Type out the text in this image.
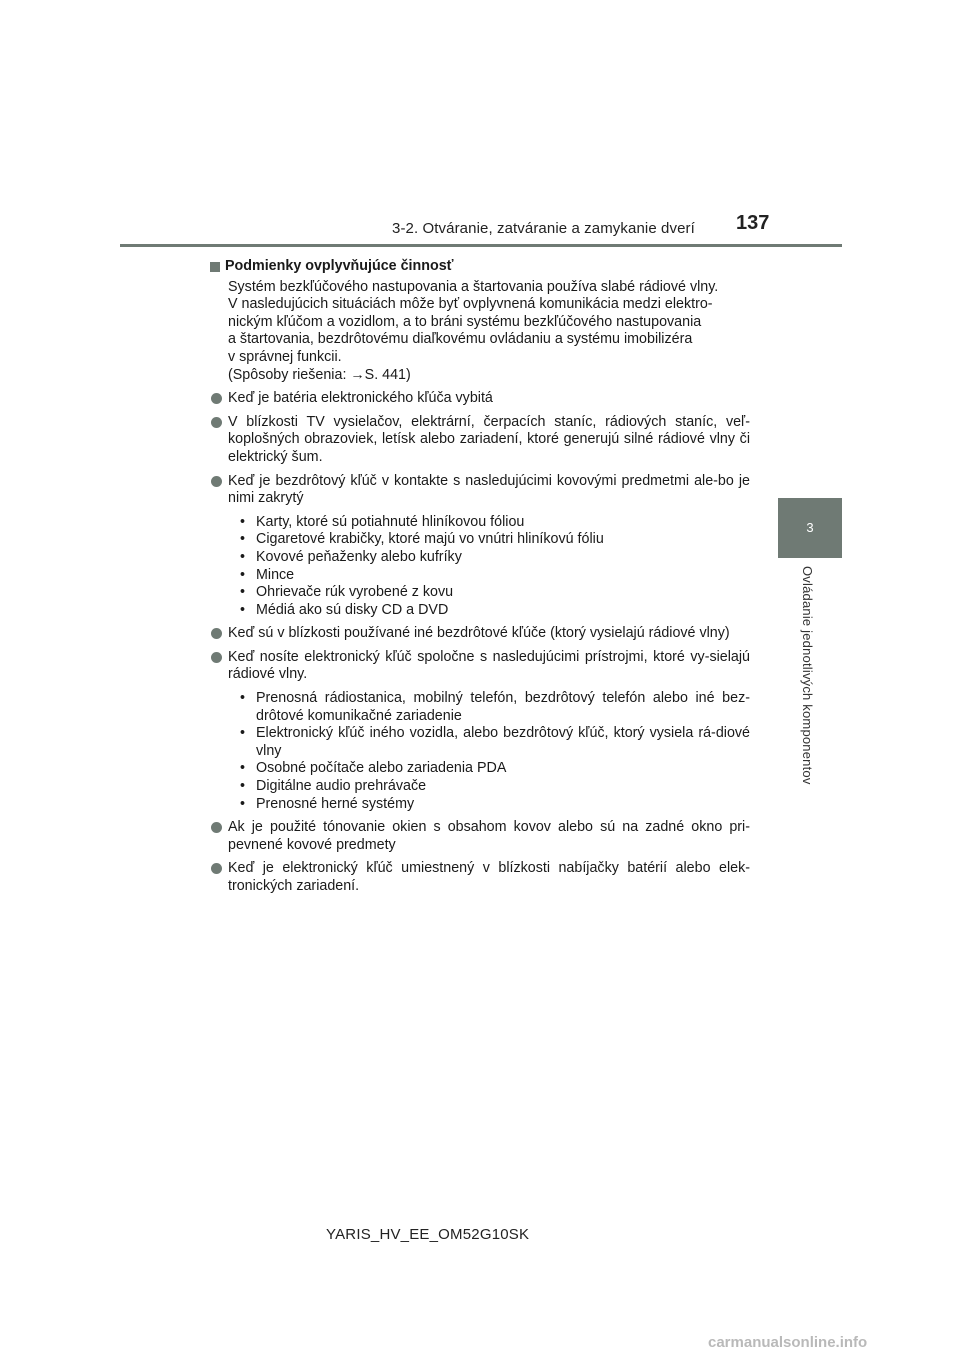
3-2. Otváranie, zatváranie a zamykanie dverí 137
3
Ovládanie jednotlivých komponentov
Podmienky ovplyvňujúce činnosť
Systém bezkľúčového nastupovania a štartovania používa slabé rádiové vlny.
V nasledujúcich situáciách môže byť ovplyvnená komunikácia medzi elektro-
nickým kľúčom a vozidlom, a to bráni systému bezkľúčového nastupovania
a štartovania, bezdrôtovému diaľkovému ovládaniu a systému imobilizéra
v správnej funkcii.
(Spôsoby riešenia: →S. 441)
Keď je batéria elektronického kľúča vybitá
V blízkosti TV vysielačov, elektrární, čerpacích staníc, rádiových staníc, veľ-koplošných obrazoviek, letísk alebo zariadení, ktoré generujú silné rádiové vlny či elektrický šum.
Keď je bezdrôtový kľúč v kontakte s nasledujúcimi kovovými predmetmi ale-bo je nimi zakrytý
• Karty, ktoré sú potiahnuté hliníkovou fóliou
• Cigaretové krabičky, ktoré majú vo vnútri hliníkovú fóliu
• Kovové peňaženky alebo kufríky
• Mince
• Ohrievače rúk vyrobené z kovu
• Médiá ako sú disky CD a DVD
Keď sú v blízkosti používané iné bezdrôtové kľúče (ktorý vysielajú rádiové vlny)
Keď nosíte elektronický kľúč spoločne s nasledujúcimi prístrojmi, ktoré vy-sielajú rádiové vlny.
• Prenosná rádiostanica, mobilný telefón, bezdrôtový telefón alebo iné bez-drôtové komunikačné zariadenie
• Elektronický kľúč iného vozidla, alebo bezdrôtový kľúč, ktorý vysiela rá-diové vlny
• Osobné počítače alebo zariadenia PDA
• Digitálne audio prehrávače
• Prenosné herné systémy
Ak je použité tónovanie okien s obsahom kovov alebo sú na zadné okno pri-pevnené kovové predmety
Keď je elektronický kľúč umiestnený v blízkosti nabíjačky batérií alebo elek-tronických zariadení.
YARIS_HV_EE_OM52G10SK
carmanualsonline.info
